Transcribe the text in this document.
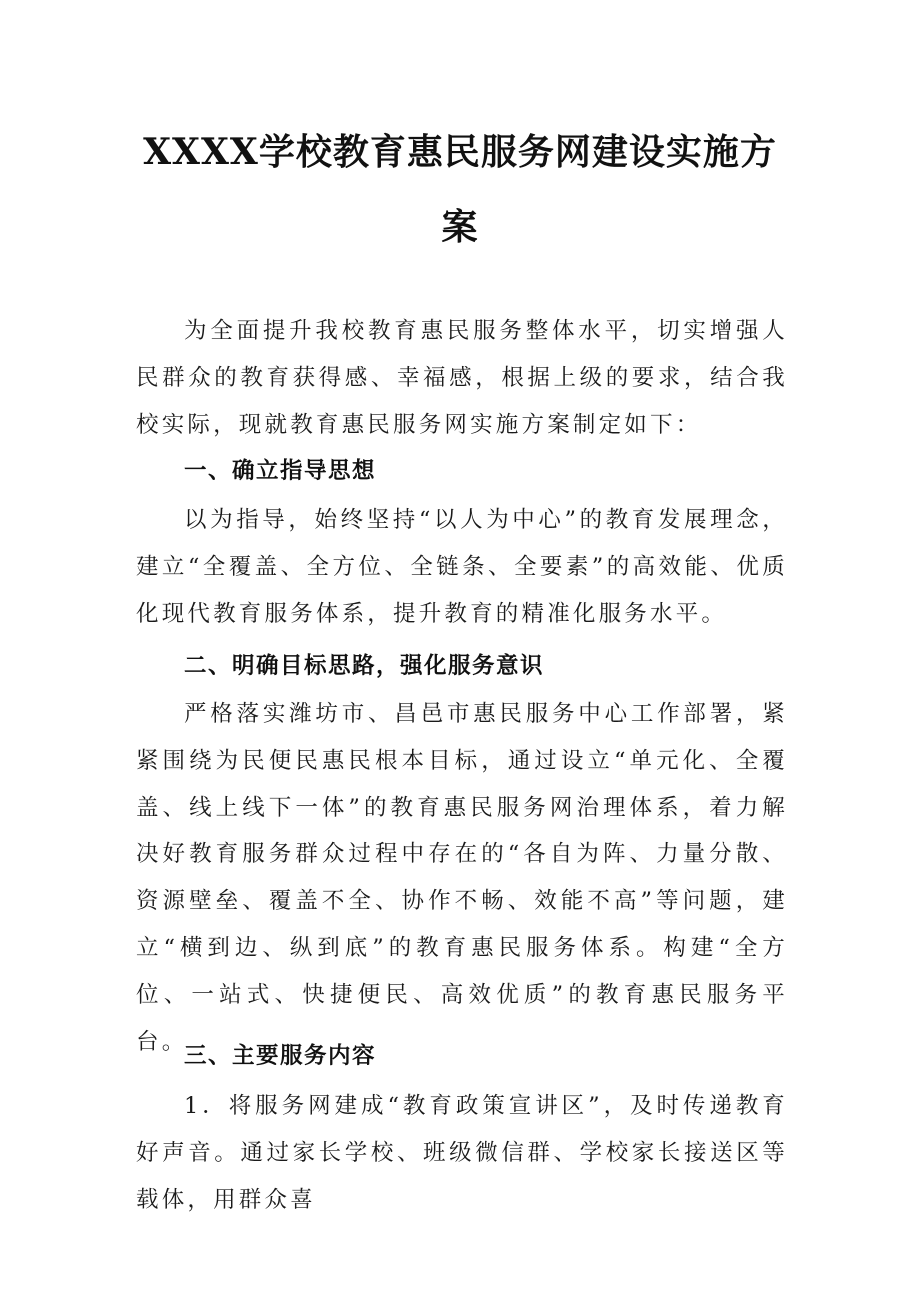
XXXX学校教育惠民服务网建设实施方
案

为全面提升我校教育惠民服务整体水平，切实增强人民群众的教育获得感、幸福感，根据上级的要求，结合我校实际，现就教育惠民服务网实施方案制定如下：

一、确立指导思想

以为指导，始终坚持“以人为中心”的教育发展理念，建立“全覆盖、全方位、全链条、全要素”的高效能、优质化现代教育服务体系，提升教育的精准化服务水平。

二、明确目标思路，强化服务意识

严格落实潍坊市、昌邑市惠民服务中心工作部署，紧紧围绕为民便民惠民根本目标，通过设立“单元化、全覆盖、线上线下一体”的教育惠民服务网治理体系，着力解决好教育服务群众过程中存在的“各自为阵、力量分散、资源壁垒、覆盖不全、协作不畅、效能不高”等问题，建立“横到边、纵到底”的教育惠民服务体系。构建“全方位、一站式、快捷便民、高效优质”的教育惠民服务平台。

三、主要服务内容

1．将服务网建成“教育政策宣讲区”，及时传递教育好声音。通过家长学校、班级微信群、学校家长接送区等载体，用群众喜
